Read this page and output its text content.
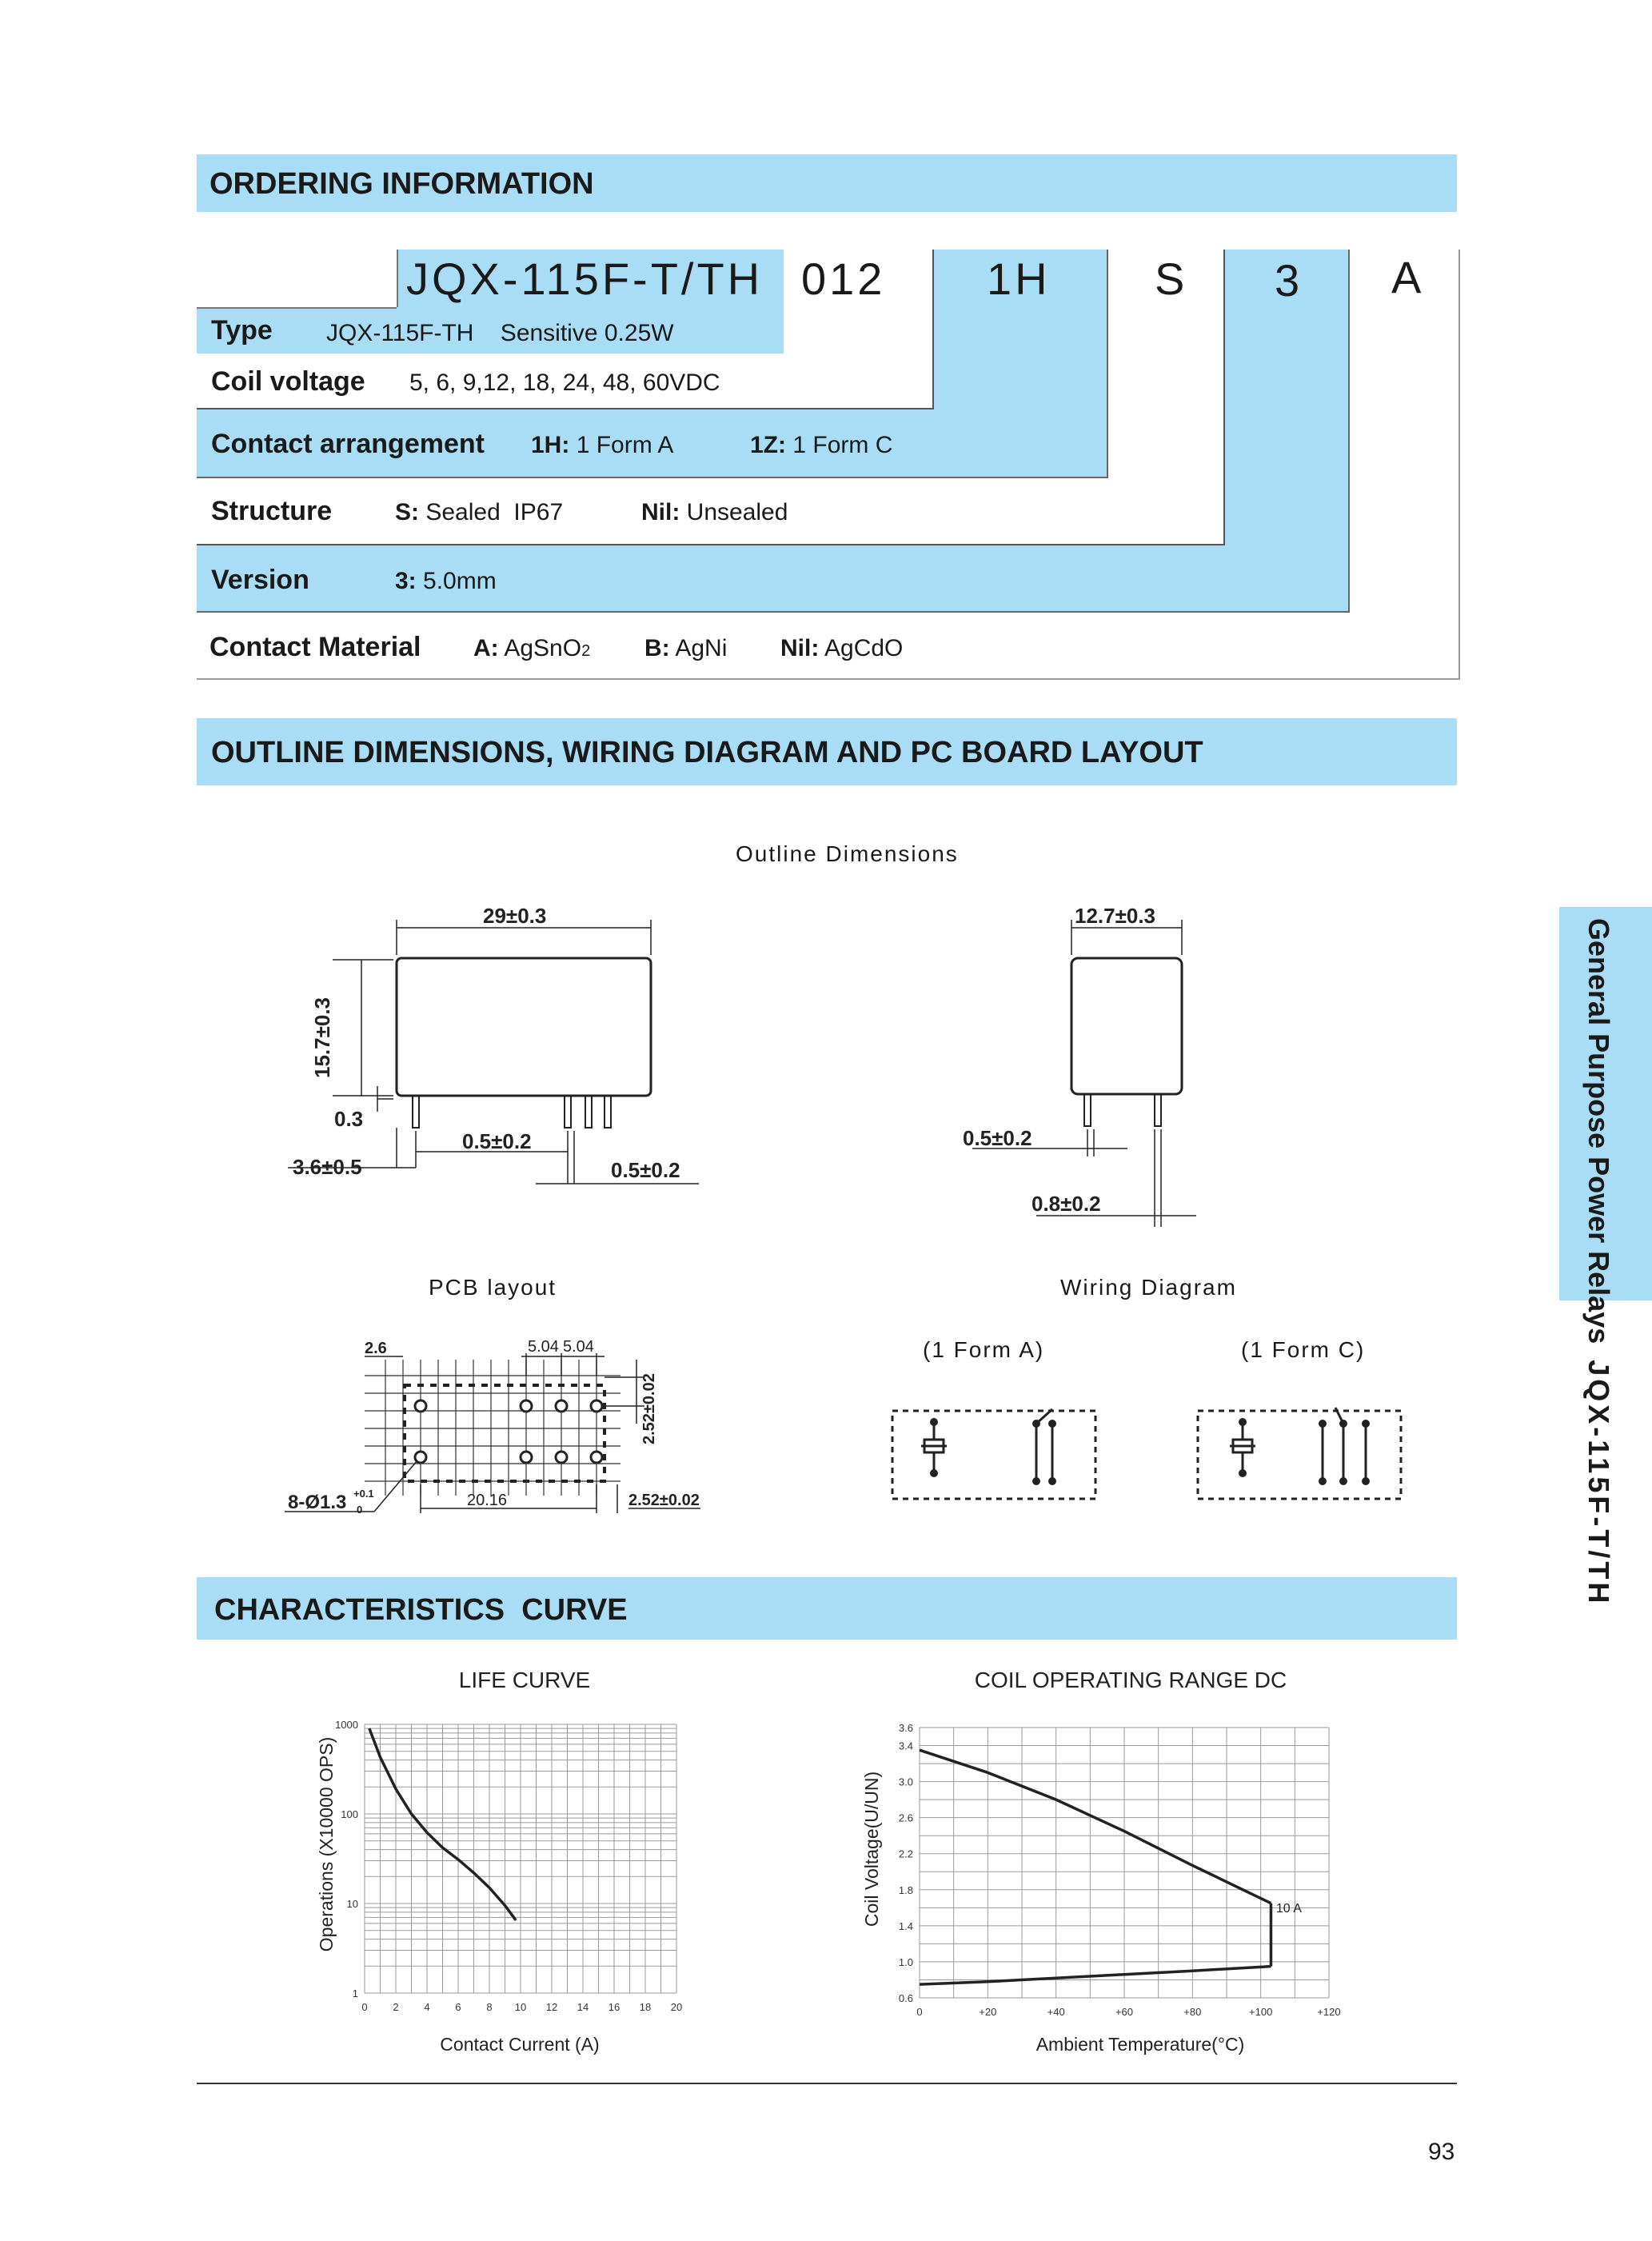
ORDERING INFORMATION
JQX-115F-T/TH 012 1H S 3 A
Type JQX-115F-TH    Sensitive 0.25W
Coil voltage 5, 6, 9,12, 18, 24, 48, 60VDC
Contact arrangement 1H: 1 Form A	1Z: 1 Form C
Structure	S: Sealed  IP67	Nil: Unsealed
Version	3: 5.0mm
Contact Material A: AgSnO2 B: AgNi Nil: AgCdO
OUTLINE DIMENSIONS, WIRING DIAGRAM AND PC BOARD LAYOUT
Outline Dimensions
29±0.3
15.7±0.3
0.3
3.6±0.5
0.5±0.2
0.5±0.2
12.7±0.3
0.5±0.2
0.8±0.2
PCB layout
2.6	5.04 5.04
2.52±0.02
20.16	2.52±0.02
8-Ø1.3 +0.1
0
Wiring Diagram
(1 Form A)	(1 Form C)
CHARACTERISTICS  CURVE
LIFE CURVE
Operations (X10000 OPS)
Contact Current (A)
0 2 4 6 8 10 12 14 16 18 20
1
10
100
1000
COIL OPERATING RANGE DC
Coil Voltage(U/UN)
Ambient Temperature(°C)
0	+20	+40	+60	+80	+100	+120
0.6
1.0
1.4
1.8
2.2
2.6
3.0
3.4
3.6
10 A
93
General Purpose Power Relays  JQX-115F-T/TH
